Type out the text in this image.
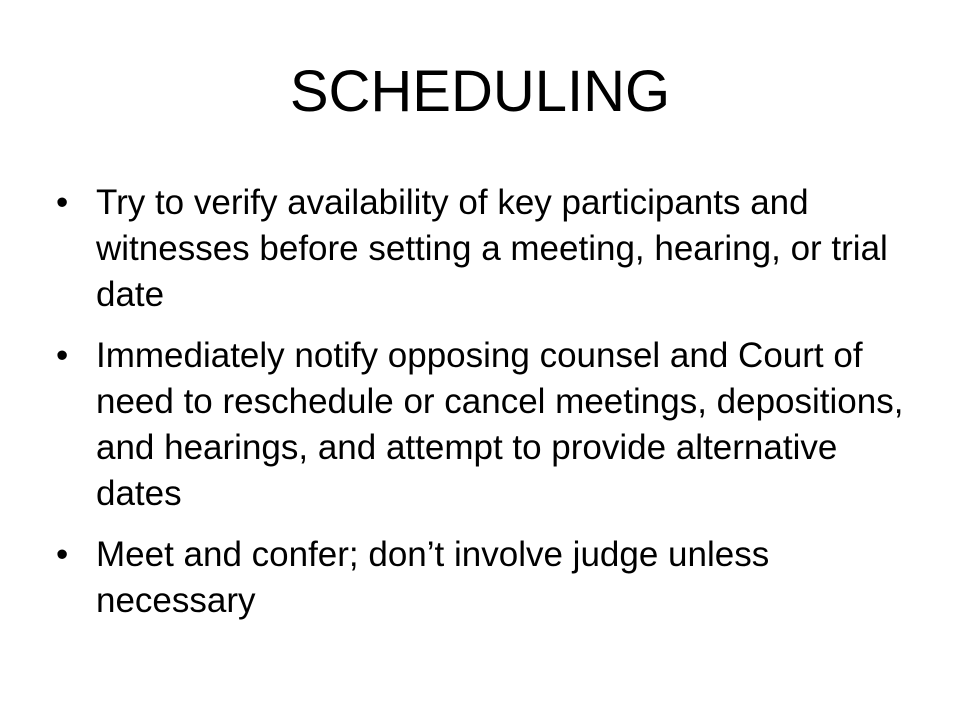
SCHEDULING
• Try to verify availability of key participants and witnesses before setting a meeting, hearing, or trial date
• Immediately notify opposing counsel and Court of need to reschedule or cancel meetings, depositions, and hearings, and attempt to provide alternative dates
• Meet and confer; don’t involve judge unless necessary
